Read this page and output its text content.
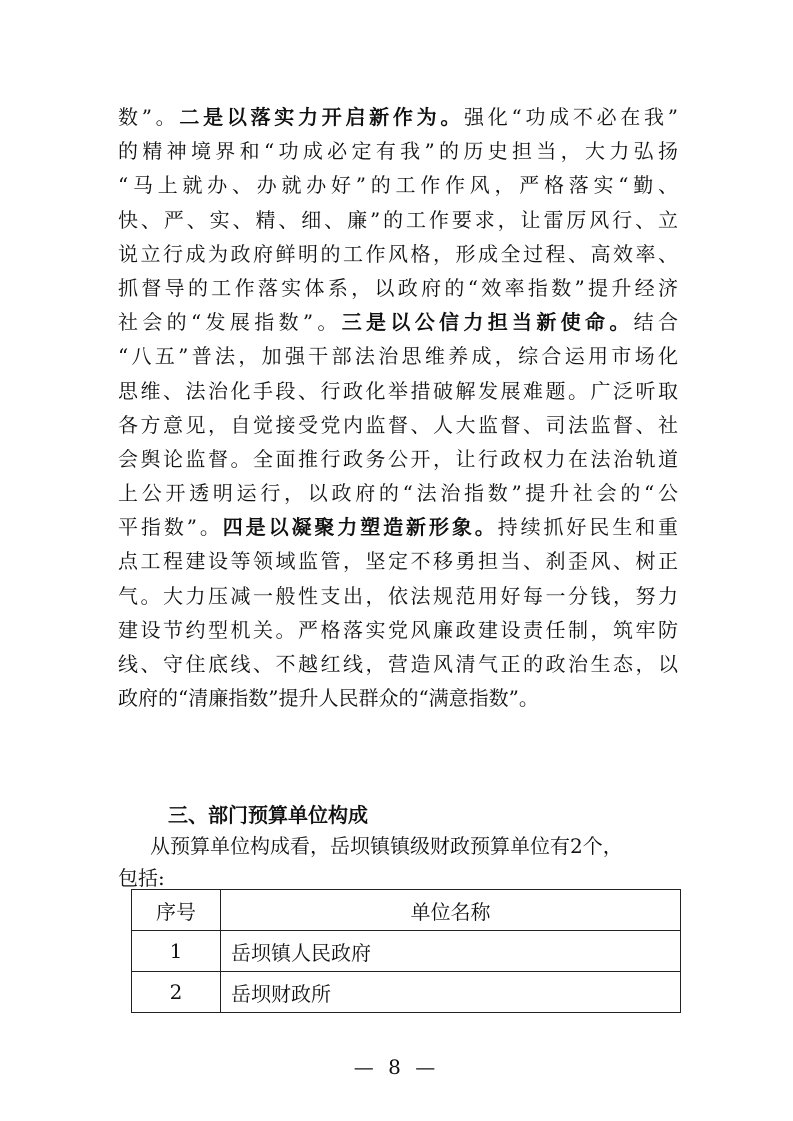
数”。二是以落实力开启新作为。强化“功成不必在我”
的精神境界和“功成必定有我”的历史担当，大力弘扬
“马上就办、办就办好”的工作作风，严格落实“勤、
快、严、实、精、细、廉”的工作要求，让雷厉风行、立
说立行成为政府鲜明的工作风格，形成全过程、高效率、
抓督导的工作落实体系，以政府的“效率指数”提升经济
社会的“发展指数”。三是以公信力担当新使命。结合
“八五”普法，加强干部法治思维养成，综合运用市场化
思维、法治化手段、行政化举措破解发展难题。广泛听取
各方意见，自觉接受党内监督、人大监督、司法监督、社
会舆论监督。全面推行政务公开，让行政权力在法治轨道
上公开透明运行，以政府的“法治指数”提升社会的“公
平指数”。四是以凝聚力塑造新形象。持续抓好民生和重
点工程建设等领域监管，坚定不移勇担当、刹歪风、树正
气。大力压减一般性支出，依法规范用好每一分钱，努力
建设节约型机关。严格落实党风廉政建设责任制，筑牢防
线、守住底线、不越红线，营造风清气正的政治生态，以
政府的“清廉指数”提升人民群众的“满意指数”。
三、部门预算单位构成
从预算单位构成看，岳坝镇镇级财政预算单位有2个，
包括:
序号	单位名称
1	岳坝镇人民政府
2	岳坝财政所
— 8 —
